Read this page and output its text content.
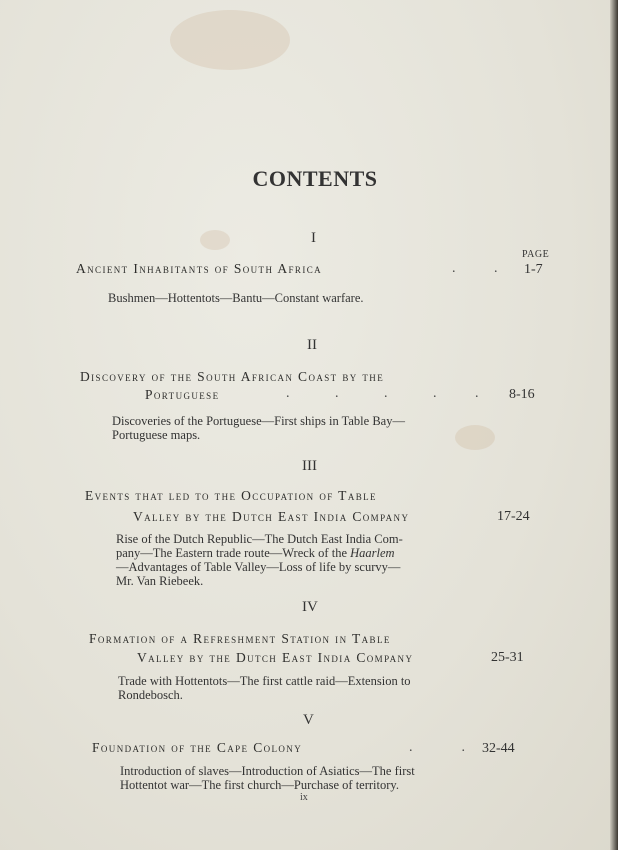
CONTENTS
PAGE
I
Ancient Inhabitants of South Africa	.           . 1-7
Bushmen—Hottentots—Bantu—Constant warfare.
II
Discovery of the South African Coast by the
Portuguese	.             .             .             .           . 8-16
Discoveries of the Portuguese—First ships in Table Bay—
Portuguese maps.
III
Events that led to the Occupation of Table
Valley by the Dutch East India Company	17-24
Rise of the Dutch Republic—The Dutch East India Com-
pany—The Eastern trade route—Wreck of the Haarlem
—Advantages of Table Valley—Loss of life by scurvy—
Mr. Van Riebeek.
IV
Formation of a Refreshment Station in Table
Valley by the Dutch East India Company	25-31
Trade with Hottentots—The first cattle raid—Extension to
Rondebosch.
V
Foundation of the Cape Colony	.              . 32-44
Introduction of slaves—Introduction of Asiatics—The first
Hottentot war—The first church—Purchase of territory.
ix
